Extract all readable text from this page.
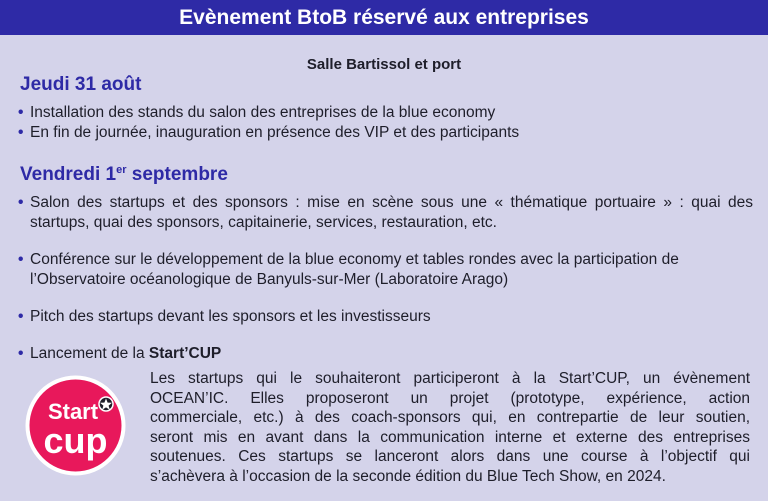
Evènement BtoB réservé aux entreprises
Salle Bartissol et port
Jeudi 31 août
• Installation des stands du salon des entreprises de la blue economy
• En fin de journée, inauguration en présence des VIP et des participants
Vendredi 1er septembre
• Salon des startups et des sponsors : mise en scène sous une « thématique portuaire » : quai des startups, quai des sponsors, capitainerie, services, restauration, etc.
• Conférence sur le développement de la blue economy et tables rondes avec la participation de l’Observatoire océanologique de Banyuls-sur-Mer (Laboratoire Arago)
• Pitch des startups devant les sponsors et les investisseurs
• Lancement de la Start’CUP
Start
cup
Les startups qui le souhaiteront participeront à la Start’CUP, un évènement
OCEAN’IC. Elles proposeront un projet (prototype, expérience, action
commerciale, etc.) à des coach-sponsors qui, en contrepartie de leur soutien,
seront mis en avant dans la communication interne et externe des entreprises
soutenues. Ces startups se lanceront alors dans une course à l’objectif qui
s’achèvera à l’occasion de la seconde édition du Blue Tech Show, en 2024.
